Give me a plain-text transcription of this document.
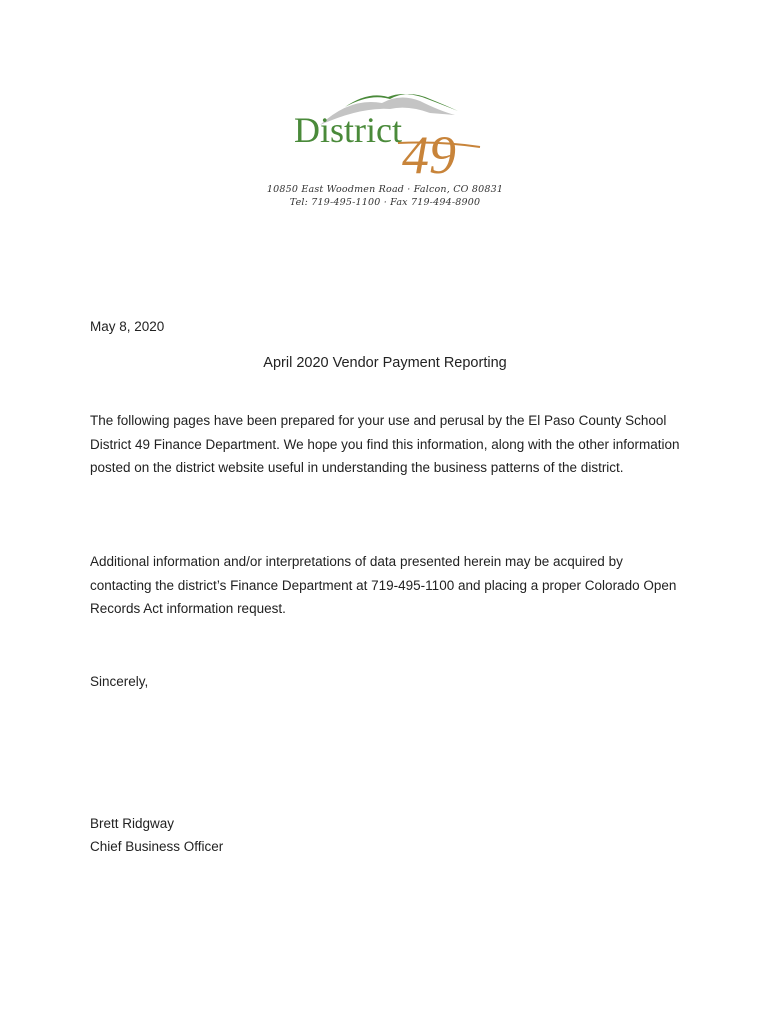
District 49
10850 East Woodmen Road · Falcon, CO 80831
Tel: 719-495-1100 · Fax 719-494-8900
May 8, 2020
April 2020 Vendor Payment Reporting
The following pages have been prepared for your use and perusal by the El Paso County School District 49 Finance Department. We hope you find this information, along with the other information posted on the district website useful in understanding the business patterns of the district.
Additional information and/or interpretations of data presented herein may be acquired by contacting the district’s Finance Department at 719-495-1100 and placing a proper Colorado Open Records Act information request.
Sincerely,
Brett Ridgway
Chief Business Officer
